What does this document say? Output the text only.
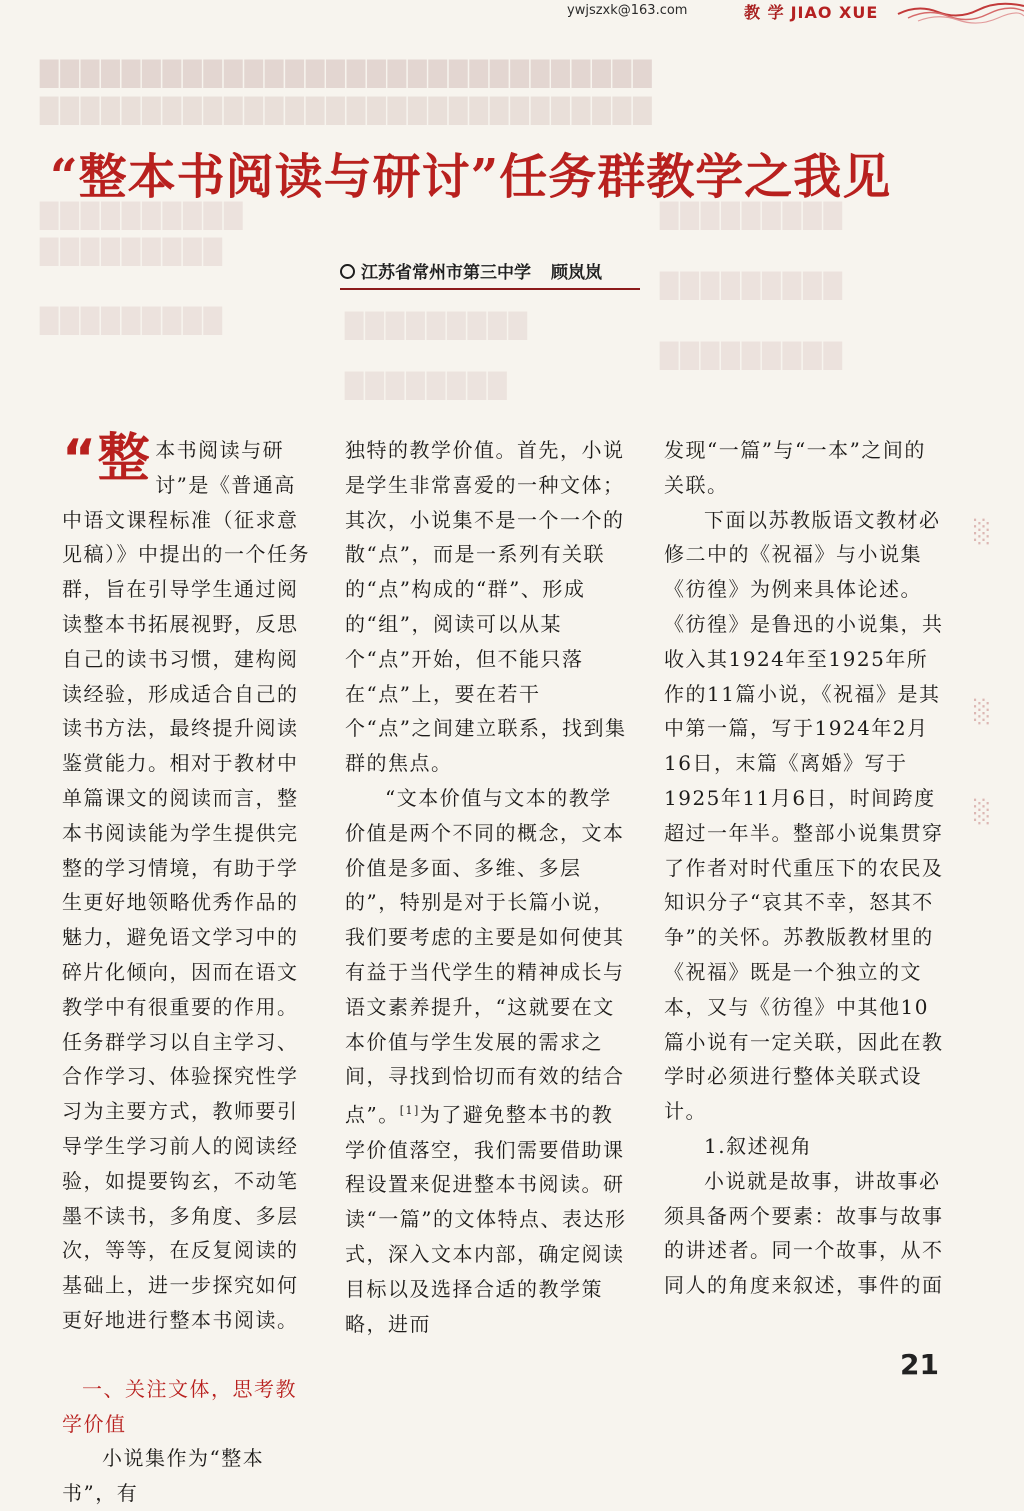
██████████████████████████████
██████████████████████████████
██████████
█████████
█████████
█████████
█████████
█████████
█████████
████████
ywjszxk@163.com	教 学 JIAO XUE
“整本书阅读与研讨”任务群教学之我见
江苏省常州市第三中学 顾岚岚

“整本书阅读与研讨”是《普通高中语文课程标准（征求意见稿）》中提出的一个任务群，旨在引导学生通过阅读整本书拓展视野，反思自己的读书习惯，建构阅读经验，形成适合自己的读书方法，最终提升阅读鉴赏能力。相对于教材中单篇课文的阅读而言，整本书阅读能为学生提供完整的学习情境，有助于学生更好地领略优秀作品的魅力，避免语文学习中的碎片化倾向，因而在语文教学中有很重要的作用。任务群学习以自主学习、合作学习、体验探究性学习为主要方式，教师要引导学生学习前人的阅读经验，如提要钩玄，不动笔墨不读书，多角度、多层次，等等，在反复阅读的基础上，进一步探究如何更好地进行整本书阅读。

一、关注文体，思考教学价值

小说集作为“整本书”，有

独特的教学价值。首先，小说是学生非常喜爱的一种文体；其次，小说集不是一个一个的散“点”，而是一系列有关联的“点”构成的“群”、形成的“组”，阅读可以从某个“点”开始，但不能只落在“点”上，要在若干个“点”之间建立联系，找到集群的焦点。

“文本价值与文本的教学价值是两个不同的概念，文本价值是多面、多维、多层的”，特别是对于长篇小说，我们要考虑的主要是如何使其有益于当代学生的精神成长与语文素养提升，“这就要在文本价值与学生发展的需求之间，寻找到恰切而有效的结合点”。[1]为了避免整本书的教学价值落空，我们需要借助课程设置来促进整本书阅读。研读“一篇”的文体特点、表达形式，深入文本内部，确定阅读目标以及选择合适的教学策略，进而

发现“一篇”与“一本”之间的关联。

下面以苏教版语文教材必修二中的《祝福》与小说集《彷徨》为例来具体论述。《彷徨》是鲁迅的小说集，共收入其1924年至1925年所作的11篇小说，《祝福》是其中第一篇，写于1924年2月16日，末篇《离婚》写于1925年11月6日，时间跨度超过一年半。整部小说集贯穿了作者对时代重压下的农民及知识分子“哀其不幸，怒其不争”的关怀。苏教版教材里的《祝福》既是一个独立的文本，又与《彷徨》中其他10篇小说有一定关联，因此在教学时必须进行整体关联式设计。

1.叙述视角

小说就是故事，讲故事必须具备两个要素：故事与故事的讲述者。同一个故事，从不同人的角度来叙述，事件的面

░
░
░
21
